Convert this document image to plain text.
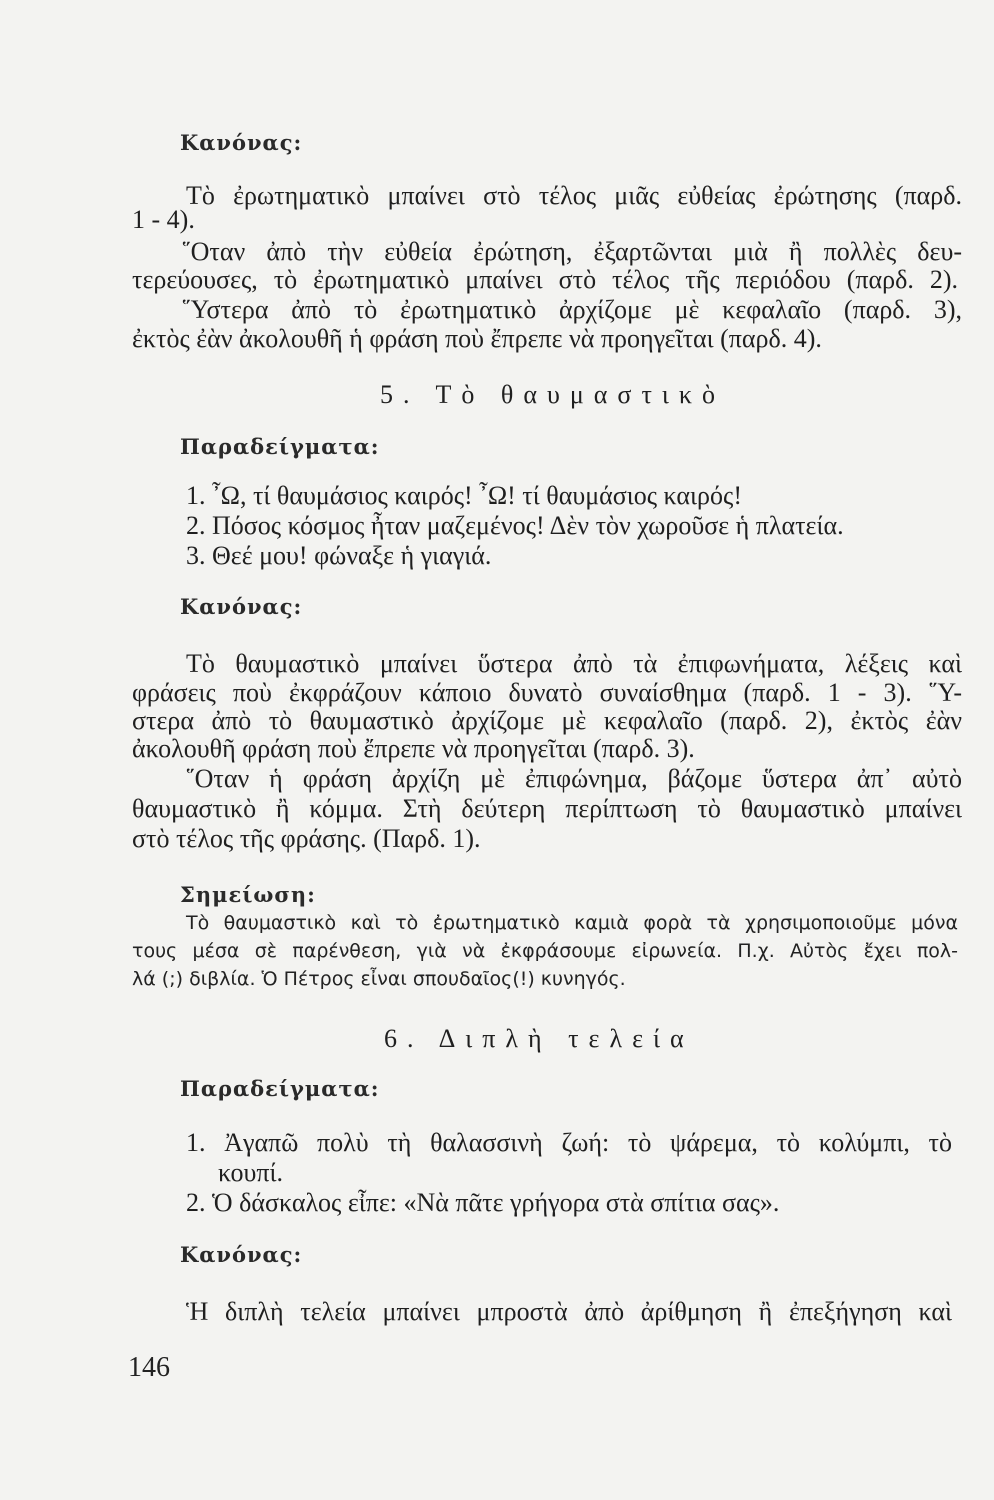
Κανόνας:
Τὸ ἐρωτηματικὸ μπαίνει στὸ τέλος μιᾶς εὐθείας ἐρώτησης (παρδ.
1 - 4).
῞Οταν ἀπὸ τὴν εὐθεία ἐρώτηση, ἐξαρτῶνται μιὰ ἢ πολλὲς δευ-
τερεύουσες, τὸ ἐρωτηματικὸ μπαίνει στὸ τέλος τῆς περιόδου (παρδ. 2).
῞Υστερα ἀπὸ τὸ ἐρωτηματικὸ ἀρχίζομε μὲ κεφαλαῖο (παρδ. 3),
ἐκτὸς ἐὰν ἀκολουθῆ ἡ φράση ποὺ ἔπρεπε νὰ προηγεῖται (παρδ. 4).
5. Τὸ θαυμαστικὸ
Παραδείγματα:
1. ῏Ω, τί θαυμάσιος καιρός! ῏Ω! τί θαυμάσιος καιρός!
2. Πόσος κόσμος ἦταν μαζεμένος! Δὲν τὸν χωροῦσε ἡ πλατεία.
3. Θεέ μου! φώναξε ἡ γιαγιά.
Κανόνας:
Τὸ θαυμαστικὸ μπαίνει ὕστερα ἀπὸ τὰ ἐπιφωνήματα, λέξεις καὶ
φράσεις ποὺ ἐκφράζουν κάποιο δυνατὸ συναίσθημα (παρδ. 1 - 3). ῞Υ-
στερα ἀπὸ τὸ θαυμαστικὸ ἀρχίζομε μὲ κεφαλαῖο (παρδ. 2), ἐκτὸς ἐὰν
ἀκολουθῆ φράση ποὺ ἔπρεπε νὰ προηγεῖται (παρδ. 3).
῞Οταν ἡ φράση ἀρχίζη μὲ ἐπιφώνημα, βάζομε ὕστερα ἀπ᾿ αὐτὸ
θαυμαστικὸ ἢ κόμμα. Στὴ δεύτερη περίπτωση τὸ θαυμαστικὸ μπαίνει
στὸ τέλος τῆς φράσης. (Παρδ. 1).
Σημείωση:
Τὸ θαυμαστικὸ καὶ τὸ ἐρωτηματικὸ καμιὰ φορὰ τὰ χρησιμοποιοῦμε μόνα
τους μέσα σὲ παρένθεση, γιὰ νὰ ἐκφράσουμε εἰρωνεία. Π.χ. Αὐτὸς ἔχει πολ-
λά (;) διβλία. Ὁ Πέτρος εἶναι σπουδαῖος(!) κυνηγός.
6. Διπλὴ τελεία
Παραδείγματα:
1. Ἀγαπῶ πολὺ τὴ θαλασσινὴ ζωή: τὸ ψάρεμα, τὸ κολύμπι, τὸ
κουπί.
2. Ὁ δάσκαλος εἶπε: «Νὰ πᾶτε γρήγορα στὰ σπίτια σας».
Κανόνας:
Ἡ διπλὴ τελεία μπαίνει μπροστὰ ἀπὸ ἀρίθμηση ἢ ἐπεξήγηση καὶ
146
